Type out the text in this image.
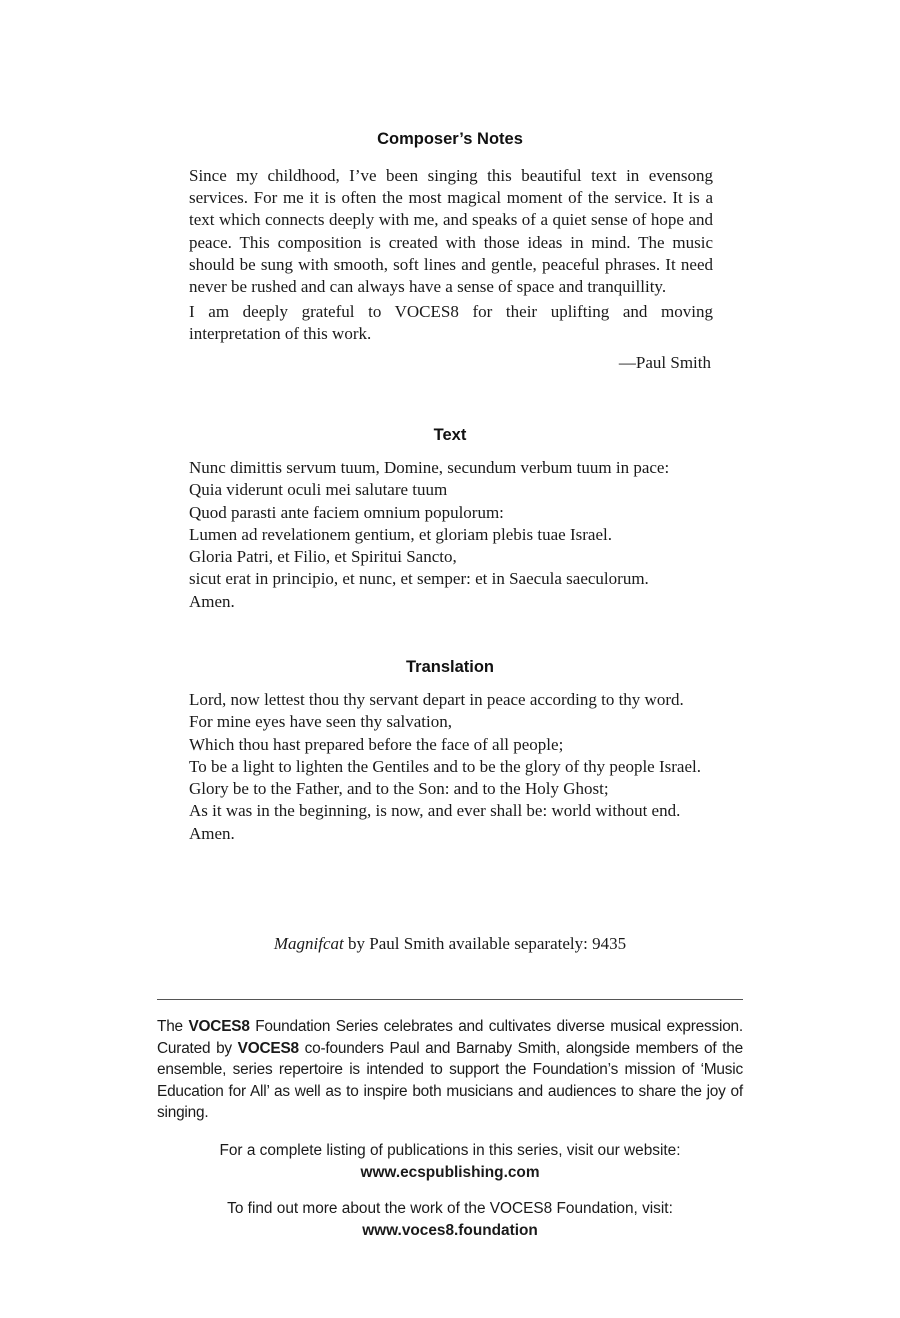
Composer’s Notes

Since my childhood, I’ve been singing this beautiful text in evensong services. For me it is often the most magical moment of the service. It is a text which connects deeply with me, and speaks of a quiet sense of hope and peace. This composition is created with those ideas in mind. The music should be sung with smooth, soft lines and gentle, peaceful phrases. It need never be rushed and can always have a sense of space and tranquillity.

I am deeply grateful to VOCES8 for their uplifting and moving interpretation of this work.

—Paul Smith
Text
Nunc dimittis servum tuum, Domine, secundum verbum tuum in pace:
Quia viderunt oculi mei salutare tuum
Quod parasti ante faciem omnium populorum:
Lumen ad revelationem gentium, et gloriam plebis tuae Israel.
Gloria Patri, et Filio, et Spiritui Sancto,
sicut erat in principio, et nunc, et semper: et in Saecula saeculorum.
Amen.
Translation
Lord, now lettest thou thy servant depart in peace according to thy word.
For mine eyes have seen thy salvation,
Which thou hast prepared before the face of all people;
To be a light to lighten the Gentiles and to be the glory of thy people Israel.
Glory be to the Father, and to the Son: and to the Holy Ghost;
As it was in the beginning, is now, and ever shall be: world without end.
Amen.
Magnifcat by Paul Smith available separately: 9435
The VOCES8 Foundation Series celebrates and cultivates diverse musical expression. Curated by VOCES8 co-founders Paul and Barnaby Smith, alongside members of the ensemble, series repertoire is intended to support the Foundation’s mission of ‘Music Education for All’ as well as to inspire both musicians and audiences to share the joy of singing.
For a complete listing of publications in this series, visit our website:
www.ecspublishing.com
To find out more about the work of the VOCES8 Foundation, visit:
www.voces8.foundation
